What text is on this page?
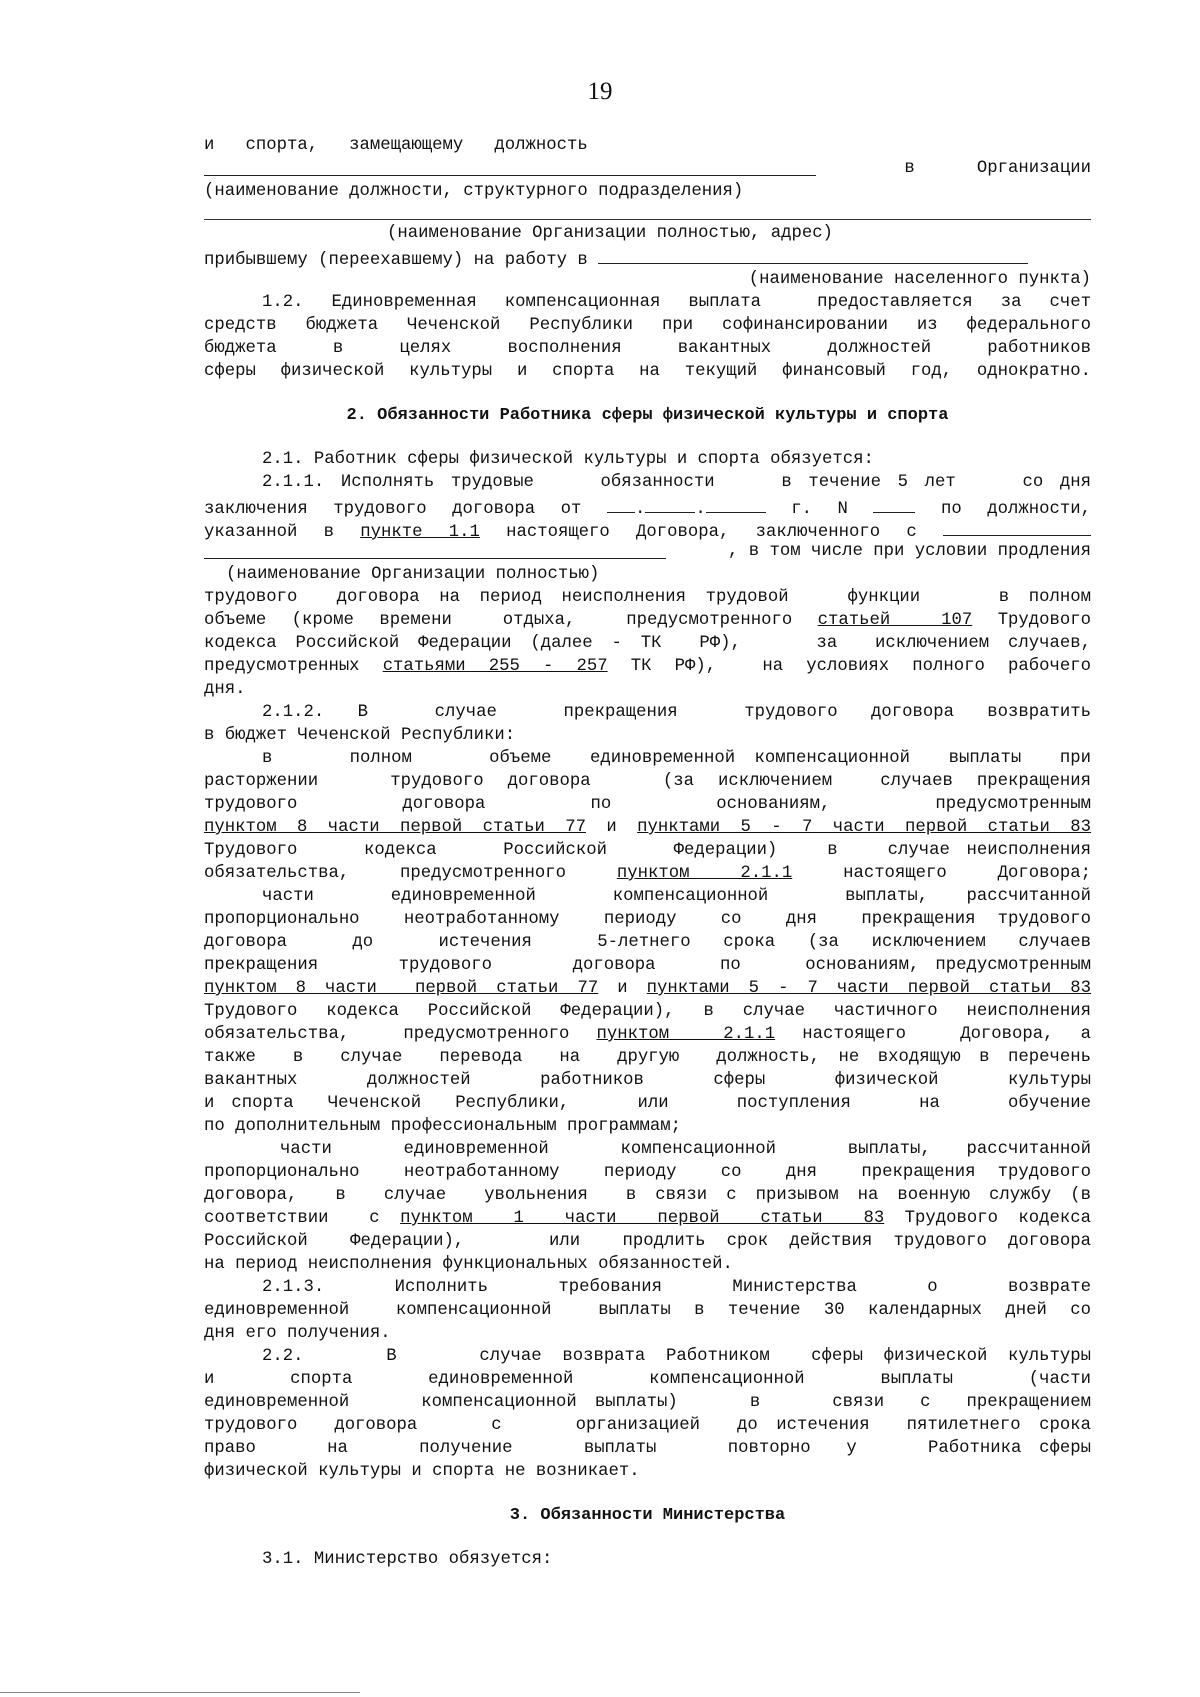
19
и   спорта,   замещающему   должность
в      Организации
(наименование должности, структурного подразделения)
(наименование Организации полностью, адрес)
прибывшему (переехавшему) на работу в
(наименование населенного пункта)
1.2. Единовременная компенсационная выплата  предоставляется за счет
средств бюджета Чеченской Республики при софинансировании из федерального
бюджета в целях восполнения вакантных должностей работников
сферы физической культуры и спорта на текущий финансовый год, однократно.
2. Обязанности Работника сферы физической культуры и спорта
2.1. Работник сферы физической культуры и спорта обязуется:
2.1.1. Исполнять трудовые    обязанности    в течение 5 лет    со дня
заключения трудового договора от	.	.	г. N	по должности,
указанной в пункте 1.1 настоящего Договора, заключенного с
, в том числе при условии продления
(наименование Организации полностью)
трудового  договора на период неисполнения трудовой   функции    в полном
объеме (кроме времени  отдыха,  предусмотренного статьей  107 Трудового
кодекса Российской Федерации (далее - ТК  РФ),    за  исключением случаев,
предусмотренных статьями 255 - 257 ТК РФ),  на условиях полного рабочего
дня.
2.1.2.  В    случае    прекращения    трудового  договора  возвратить
в бюджет Чеченской Республики:
в    полном    объеме  единовременной компенсационной  выплаты  при
расторжении   трудового договора   (за исключением  случаев прекращения
трудового     договора     по     основаниям,     предусмотренным
пунктом 8 части первой статьи 77 и пунктами 5 - 7 части первой статьи 83
Трудового    кодекса    Российской    Федерации)   в   случае неисполнения
обязательства, предусмотренного	пунктом 2.1.1	настоящего Договора;
части    единовременной    компенсационной    выплаты,  рассчитанной
пропорционально  неотработанному  периоду  со  дня  прекращения трудового
договора    до    истечения    5-летнего  срока  (за  исключением  случаев
прекращения     трудового     договора    по    основаниям, предусмотренным
пунктом 8 части  первой статьи 77 и пунктами 5 - 7 части первой статьи 83
Трудового кодекса Российской Федерации), в случае частичного неисполнения
обязательства,  предусмотренного пунктом  2.1.1 настоящего  Договора, а
также  в  случае  перевода  на  другую  должность, не входящую в перечень
вакантных    должностей    работников    сферы    физической    культуры
и спорта  Чеченской  Республики,    или    поступления    на    обучение
по дополнительным профессиональным программам;
части    единовременной    компенсационной    выплаты,  рассчитанной
пропорционально  неотработанному  периоду  со  дня  прекращения трудового
договора,  в  случае  увольнения  в связи с призывом на военную службу (в
соответствии  с пунктом  1  части  первой  статьи  83 Трудового кодекса
Российской  Федерации),    или  продлить срок действия трудового договора
на период неисполнения функциональных обязанностей.
2.1.3.    Исполнить    требования    Министерства    о    возврате
единовременной  компенсационной  выплаты в течение 30 календарных дней со
дня его получения.
2.2.    В    случае возврата Работником  сферы физической культуры
и    спорта    единовременной    компенсационной    выплаты    (части
единовременной    компенсационной выплаты)    в    связи  с  прекращением
трудового  договора    с    организацией  до истечения  пятилетнего срока
право    на    получение    выплаты    повторно  у    Работника сферы
физической культуры и спорта не возникает.
3. Обязанности Министерства
3.1. Министерство обязуется:
